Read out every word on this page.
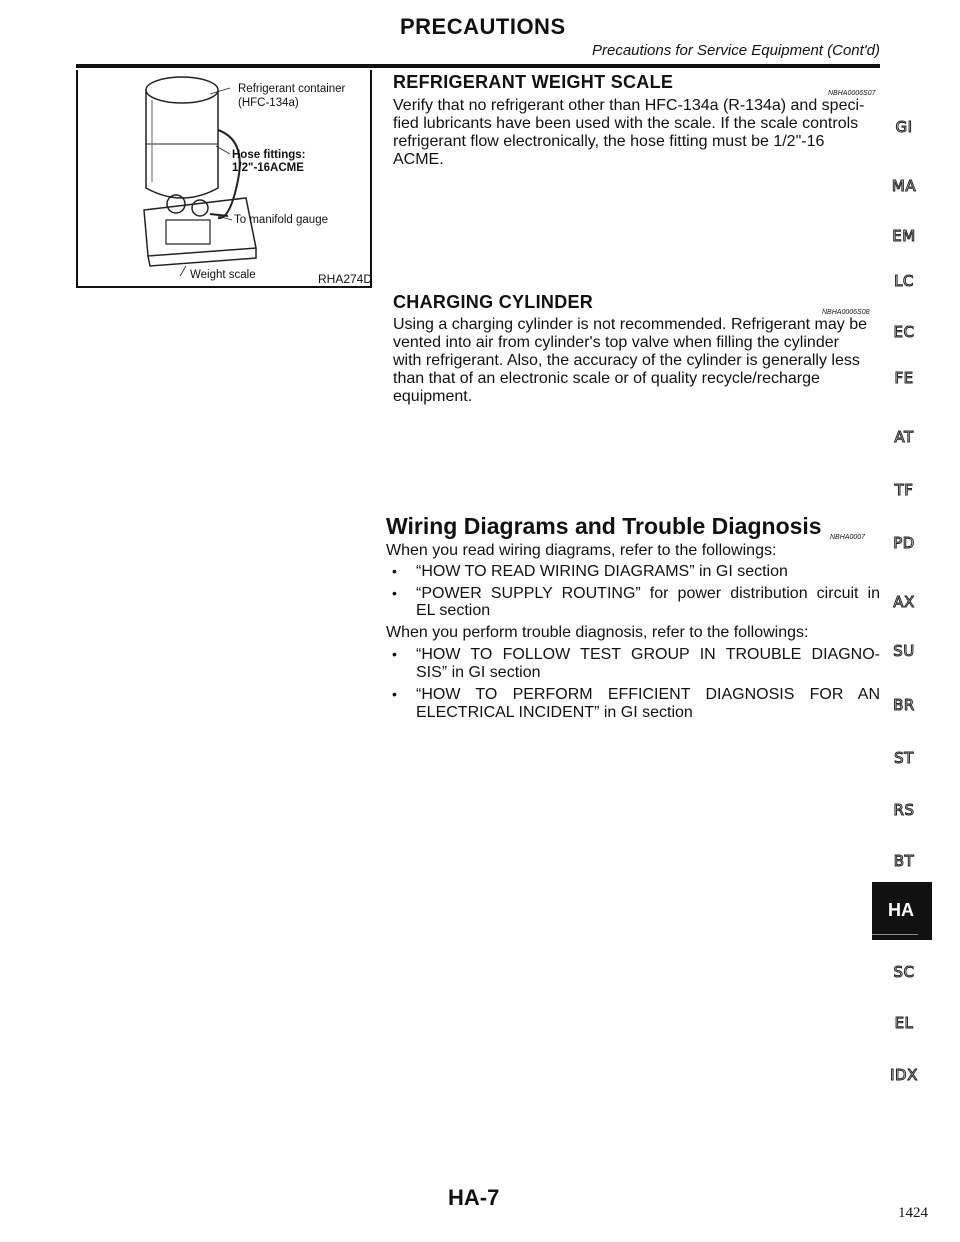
PRECAUTIONS
Precautions for Service Equipment (Cont'd)
Refrigerant container
(HFC-134a)
Hose fittings:
1/2"-16ACME
To manifold gauge
Weight scale	RHA274D
REFRIGERANT WEIGHT SCALE
NBHA0006S07
Verify that no refrigerant other than HFC-134a (R-134a) and speci-
fied lubricants have been used with the scale. If the scale controls
refrigerant flow electronically, the hose fitting must be 1/2"-16
ACME.
CHARGING CYLINDER
NBHA0006S08
Using a charging cylinder is not recommended. Refrigerant may be
vented into air from cylinder's top valve when filling the cylinder
with refrigerant. Also, the accuracy of the cylinder is generally less
than that of an electronic scale or of quality recycle/recharge
equipment.
Wiring Diagrams and Trouble Diagnosis NBHA0007
When you read wiring diagrams, refer to the followings:
• “HOW TO READ WIRING DIAGRAMS” in GI section
• “POWER SUPPLY ROUTING” for power distribution circuit in
EL section
When you perform trouble diagnosis, refer to the followings:
• “HOW TO FOLLOW TEST GROUP IN TROUBLE DIAGNO-
SIS” in GI section
• “HOW TO PERFORM EFFICIENT DIAGNOSIS FOR AN
ELECTRICAL INCIDENT” in GI section
GI
MA
EM
LC
EC
FE
AT
TF
PD
AX
SU
BR
ST
RS
BT
HA
SC
EL
IDX
HA-7
1424
